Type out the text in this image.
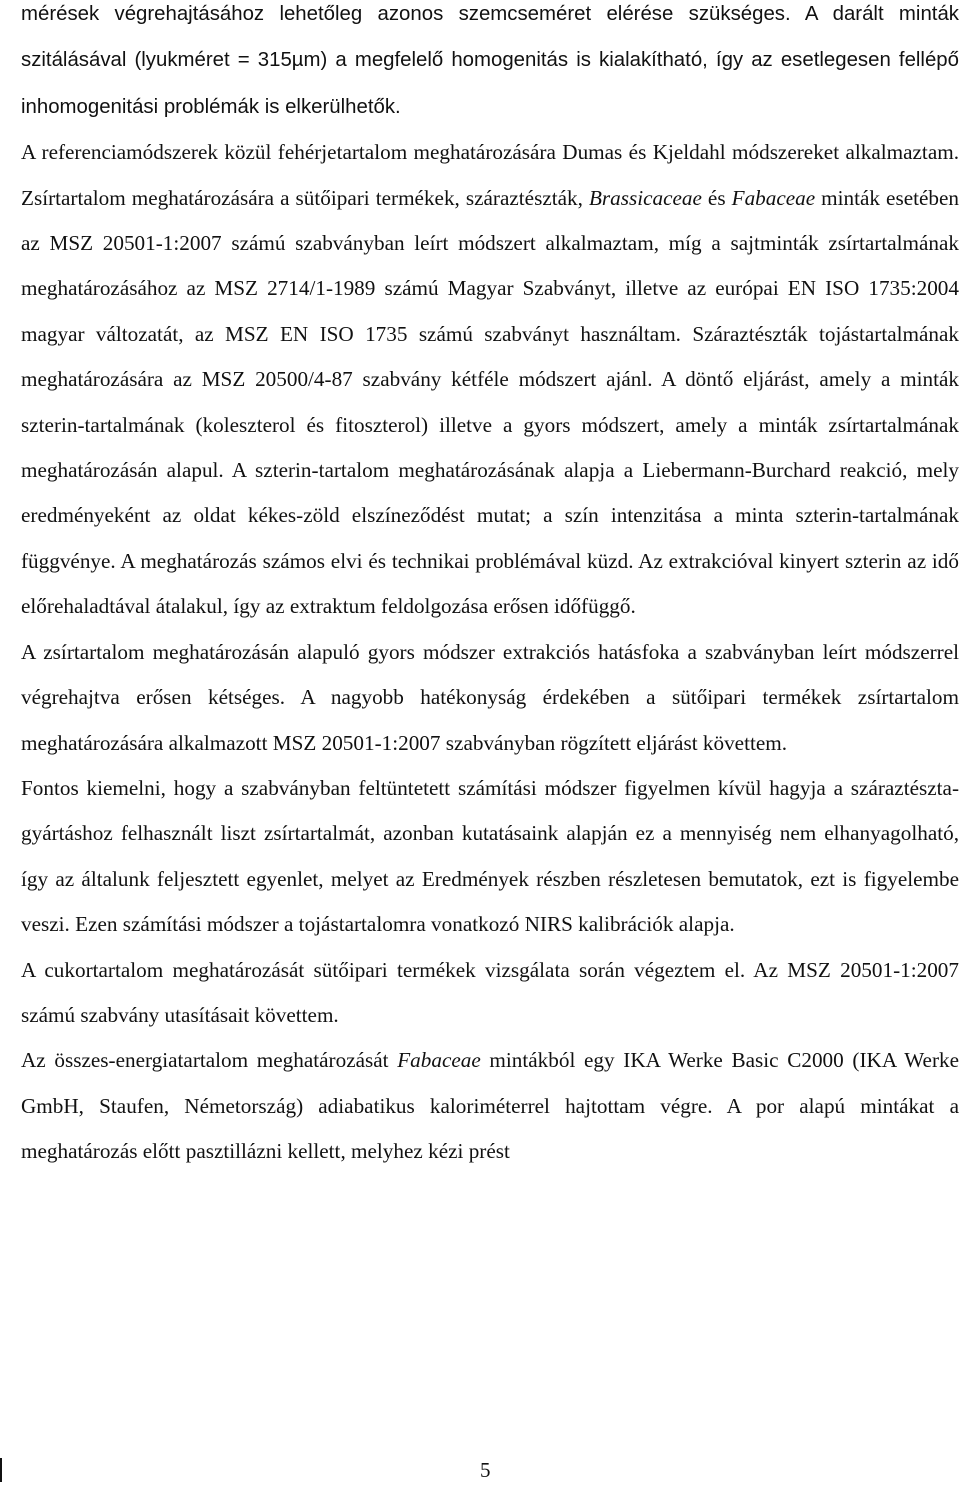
mérések végrehajtásához lehetőleg azonos szemcseméret elérése szükséges. A darált minták szitálásával (lyukméret = 315µm) a megfelelő homogenitás is kialakítható, így az esetlegesen fellépő inhomogenitási problémák is elkerülhetők.

A referenciamódszerek közül fehérjetartalom meghatározására Dumas és Kjeldahl módszereket alkalmaztam. Zsírtartalom meghatározására a sütőipari termékek, száraztészták, Brassicaceae és Fabaceae minták esetében az MSZ 20501-1:2007 számú szabványban leírt módszert alkalmaztam, míg a sajtminták zsírtartalmának meghatározásához az MSZ 2714/1-1989 számú Magyar Szabványt, illetve az európai EN ISO 1735:2004 magyar változatát, az MSZ EN ISO 1735 számú szabványt használtam. Száraztészták tojástartalmának meghatározására az MSZ 20500/4-87 szabvány kétféle módszert ajánl. A döntő eljárást, amely a minták szterin-tartalmának (koleszterol és fitoszterol) illetve a gyors módszert, amely a minták zsírtartalmának meghatározásán alapul. A szterin-tartalom meghatározásának alapja a Liebermann-Burchard reakció, mely eredményeként az oldat kékes-zöld elszíneződést mutat; a szín intenzitása a minta szterin-tartalmának függvénye. A meghatározás számos elvi és technikai problémával küzd. Az extrakcióval kinyert szterin az idő előrehaladtával átalakul, így az extraktum feldolgozása erősen időfüggő.

A zsírtartalom meghatározásán alapuló gyors módszer extrakciós hatásfoka a szabványban leírt módszerrel végrehajtva erősen kétséges. A nagyobb hatékonyság érdekében a sütőipari termékek zsírtartalom meghatározására alkalmazott MSZ 20501-1:2007 szabványban rögzített eljárást követtem.

Fontos kiemelni, hogy a szabványban feltüntetett számítási módszer figyelmen kívül hagyja a száraztészta-gyártáshoz felhasznált liszt zsírtartalmát, azonban kutatásaink alapján ez a mennyiség nem elhanyagolható, így az általunk feljesztett egyenlet, melyet az Eredmények részben részletesen bemutatok, ezt is figyelembe veszi. Ezen számítási módszer a tojástartalomra vonatkozó NIRS kalibrációk alapja.

A cukortartalom meghatározását sütőipari termékek vizsgálata során végeztem el. Az MSZ 20501-1:2007 számú szabvány utasításait követtem.

Az összes-energiatartalom meghatározását Fabaceae mintákból egy IKA Werke Basic C2000 (IKA Werke GmbH, Staufen, Németország) adiabatikus kaloriméterrel hajtottam végre. A por alapú mintákat a meghatározás előtt pasztillázni kellett, melyhez kézi prést

5
